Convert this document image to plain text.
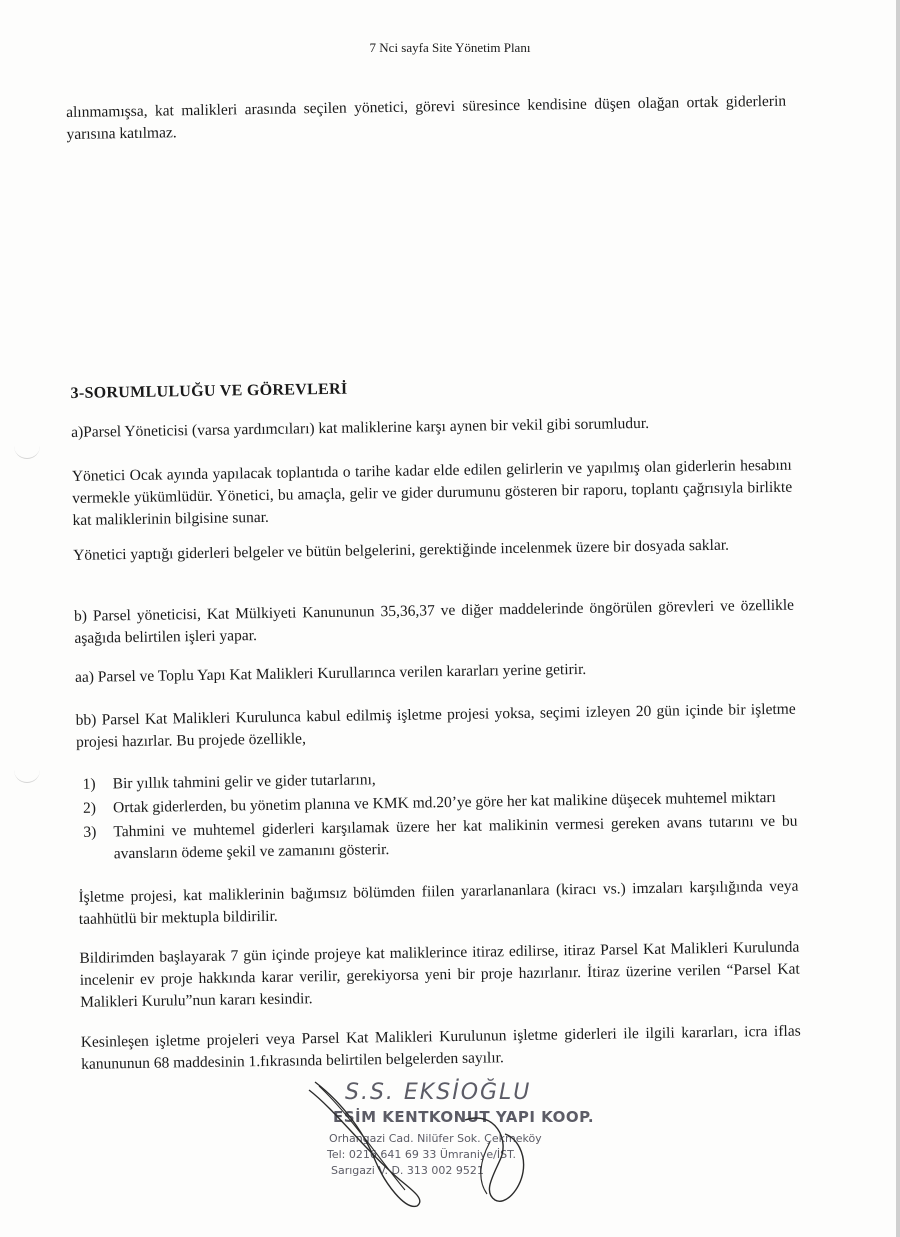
7 Nci sayfa Site Yönetim Planı
alınmamışsa, kat malikleri arasında seçilen yönetici, görevi süresince kendisine düşen olağan ortak giderlerin yarısına katılmaz.
3-SORUMLULUĞU VE GÖREVLERİ
a)Parsel Yöneticisi (varsa yardımcıları) kat maliklerine karşı aynen bir vekil gibi sorumludur.
Yönetici Ocak ayında yapılacak toplantıda o tarihe kadar elde edilen gelirlerin ve yapılmış olan giderlerin hesabını vermekle yükümlüdür. Yönetici, bu amaçla, gelir ve gider durumunu gösteren bir raporu, toplantı çağrısıyla birlikte kat maliklerinin bilgisine sunar.
Yönetici yaptığı giderleri belgeler ve bütün belgelerini, gerektiğinde incelenmek üzere bir dosyada saklar.
b) Parsel yöneticisi, Kat Mülkiyeti Kanununun 35,36,37 ve diğer maddelerinde öngörülen görevleri ve özellikle aşağıda belirtilen işleri yapar.
aa) Parsel ve Toplu Yapı Kat Malikleri Kurullarınca verilen kararları yerine getirir.
bb) Parsel Kat Malikleri Kurulunca kabul edilmiş işletme projesi yoksa, seçimi izleyen 20 gün içinde bir işletme projesi hazırlar. Bu projede özellikle,
1) Bir yıllık tahmini gelir ve gider tutarlarını,
2) Ortak giderlerden, bu yönetim planına ve KMK md.20’ye göre her kat malikine düşecek muhtemel miktarı
3) Tahmini ve muhtemel giderleri karşılamak üzere her kat malikinin vermesi gereken avans tutarını ve bu avansların ödeme şekil ve zamanını gösterir.
İşletme projesi, kat maliklerinin bağımsız bölümden fiilen yararlananlara (kiracı vs.) imzaları karşılığında veya taahhütlü bir mektupla bildirilir.
Bildirimden başlayarak 7 gün içinde projeye kat maliklerince itiraz edilirse, itiraz Parsel Kat Malikleri Kurulunda incelenir ev proje hakkında karar verilir, gerekiyorsa yeni bir proje hazırlanır. İtiraz üzerine verilen “Parsel Kat Malikleri Kurulu”nun kararı kesindir.
Kesinleşen işletme projeleri veya Parsel Kat Malikleri Kurulunun işletme giderleri ile ilgili kararları, icra iflas kanununun 68 maddesinin 1.fıkrasında belirtilen belgelerden sayılır.
S.S. EKSİOĞLU
ESİM KENTKONUT YAPI KOOP.
Orhangazi Cad. Nilüfer Sok. Çekmeköy
Tel: 0216 641 69 33 Ümraniye/İST.
Sarıgazi V. D. 313 002 9521
